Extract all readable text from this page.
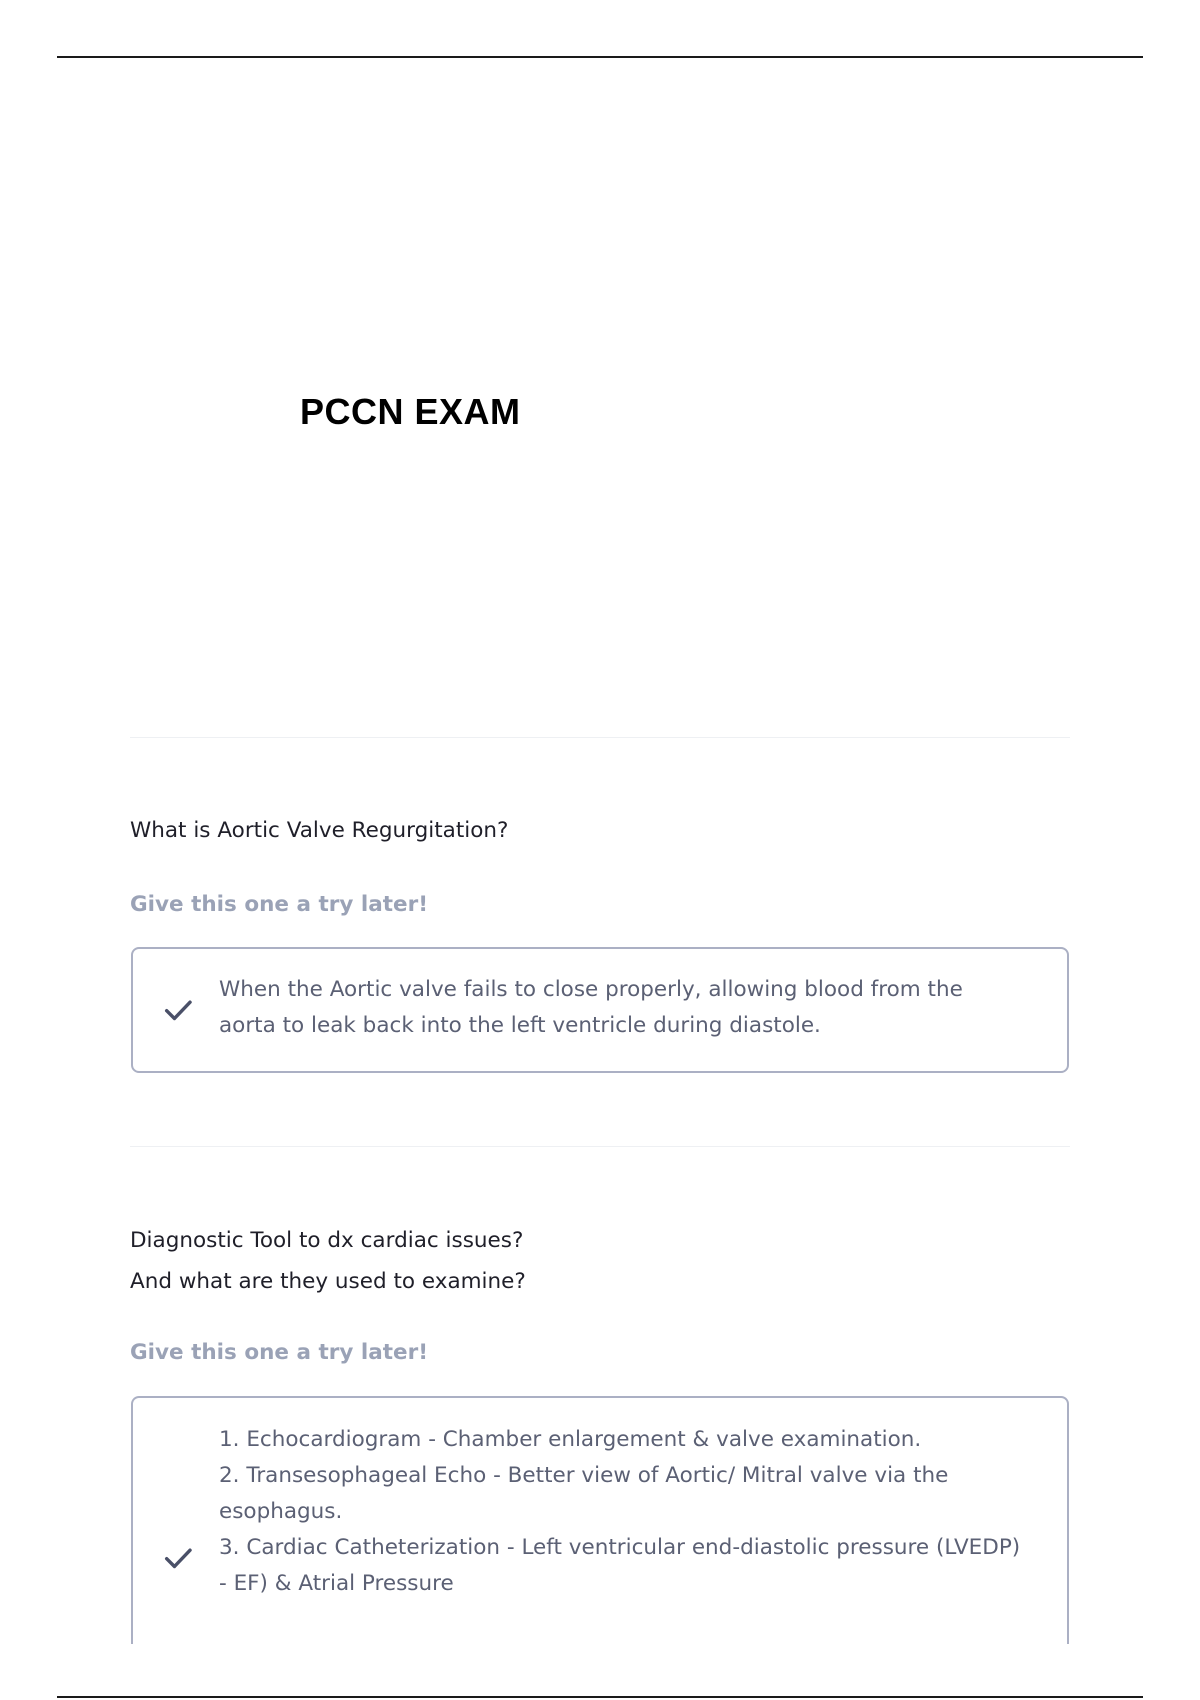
PCCN EXAM

What is Aortic Valve Regurgitation?

Give this one a try later!

When the Aortic valve fails to close properly, allowing blood from the
aorta to leak back into the left ventricle during diastole.

Diagnostic Tool to dx cardiac issues?
And what are they used to examine?

Give this one a try later!

1. Echocardiogram - Chamber enlargement & valve examination.
2. Transesophageal Echo - Better view of Aortic/ Mitral valve via the
esophagus.
3. Cardiac Catheterization - Left ventricular end-diastolic pressure (LVEDP)
- EF) & Atrial Pressure
